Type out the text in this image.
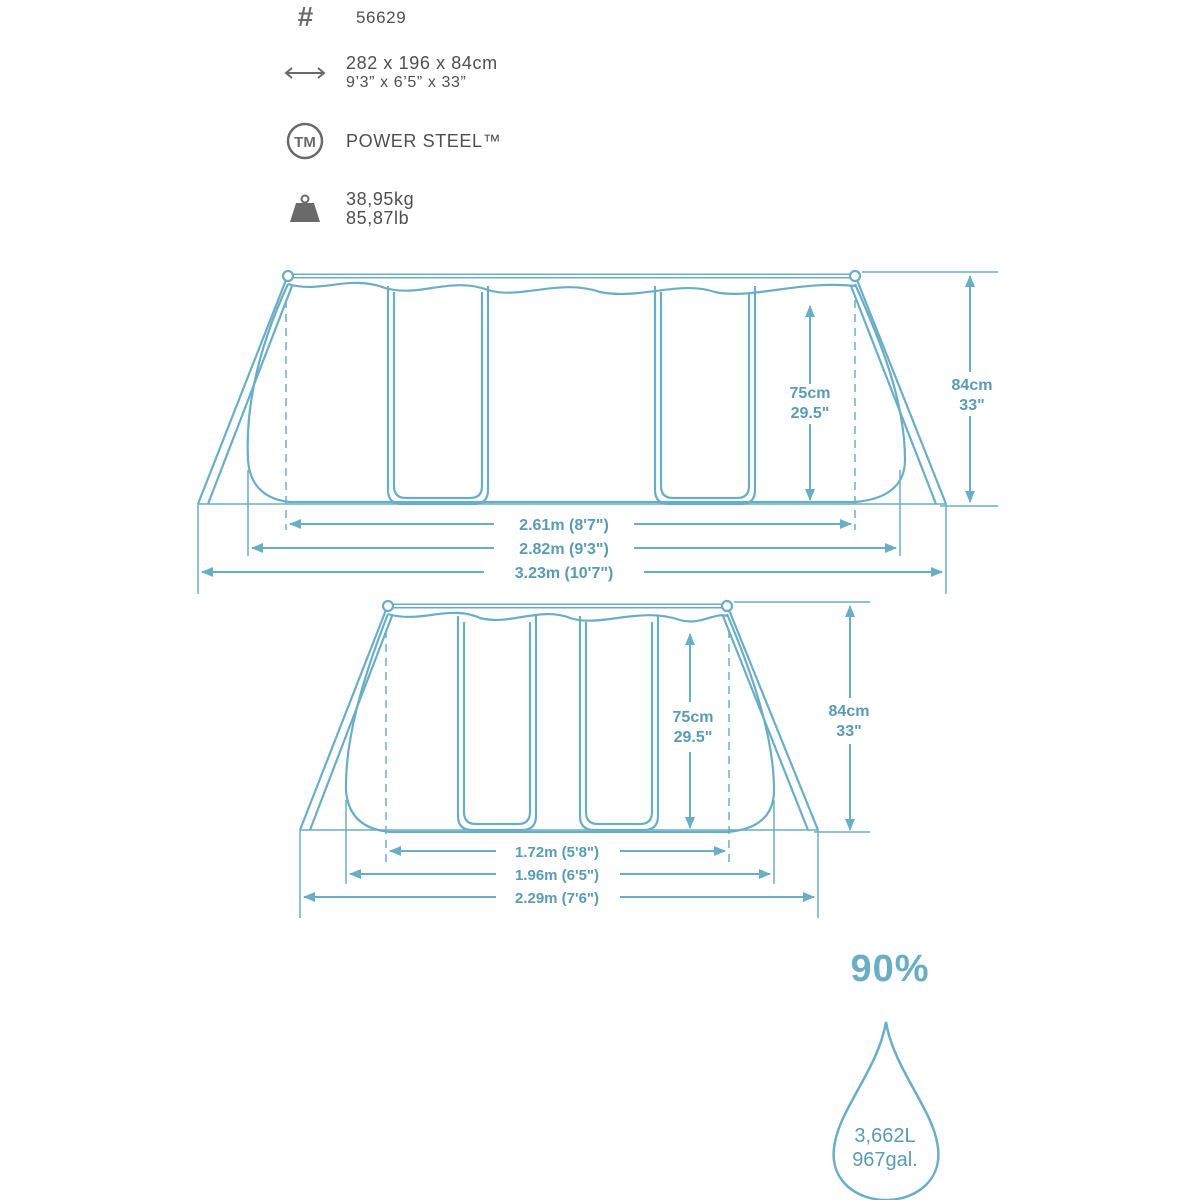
#	56629
282 x 196 x 84cm
9’3” x 6’5” x 33”
TM POWER STEEL™
38,95kg
85,87lb
75cm
29.5"
84cm
33"
2.61m (8'7")
2.82m (9'3")
3.23m (10'7")
75cm
29.5"
84cm
33"
1.72m (5'8")
1.96m (6'5")
2.29m (7'6")
90%
3,662L
967gal.
